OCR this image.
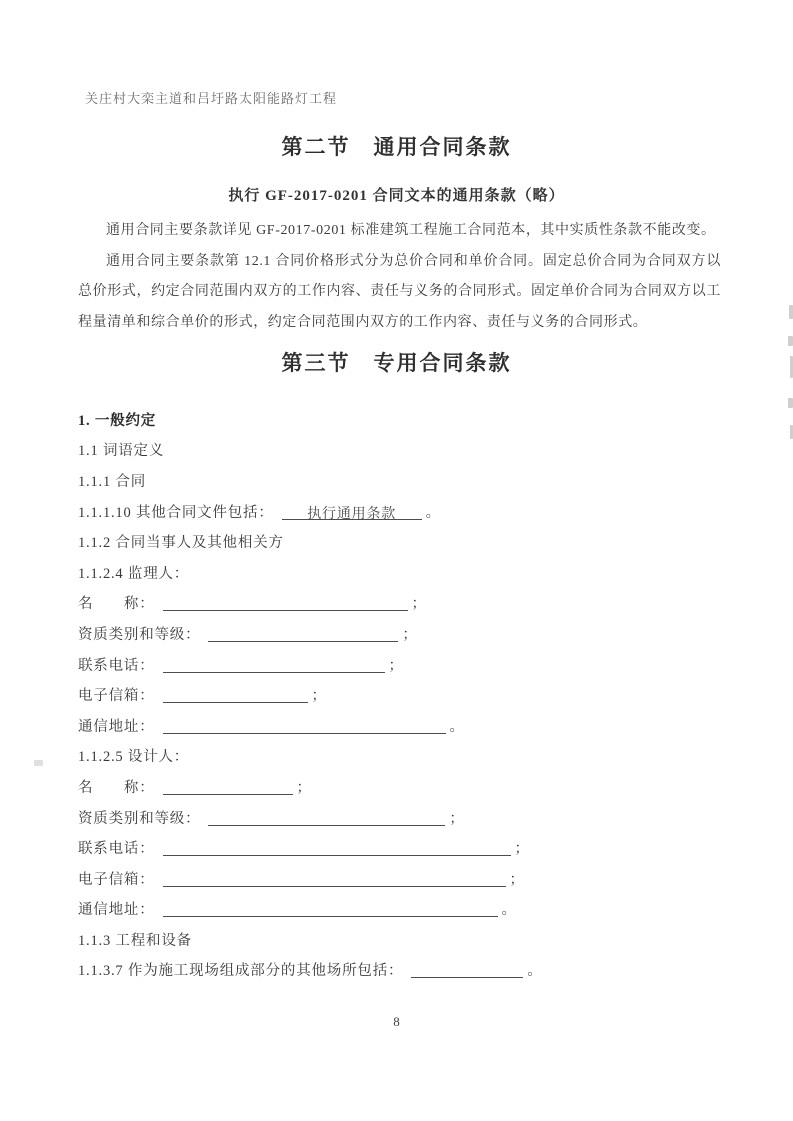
关庄村大栾主道和吕圩路太阳能路灯工程
第二节　通用合同条款
执行 GF-2017-0201 合同文本的通用条款（略）

通用合同主要条款详见 GF-2017-0201 标准建筑工程施工合同范本，其中实质性条款不能改变。

通用合同主要条款第 12.1 合同价格形式分为总价合同和单价合同。固定总价合同为合同双方以总价形式，约定合同范围内双方的工作内容、责任与义务的合同形式。固定单价合同为合同双方以工程量清单和综合单价的形式，约定合同范围内双方的工作内容、责任与义务的合同形式。

第三节　专用合同条款
1. 一般约定
1.1 词语定义
1.1.1 合同
1.1.1.10 其他合同文件包括：	执行通用条款	。
1.1.2 合同当事人及其他相关方
1.1.2.4 监理人：
名　　称：	；
资质类别和等级：	；
联系电话：	；
电子信箱：	；
通信地址：	。
1.1.2.5 设计人：
名　　称：	；
资质类别和等级：	；
联系电话：	；
电子信箱：	；
通信地址：	。
1.1.3 工程和设备
1.1.3.7 作为施工现场组成部分的其他场所包括：	。
8
